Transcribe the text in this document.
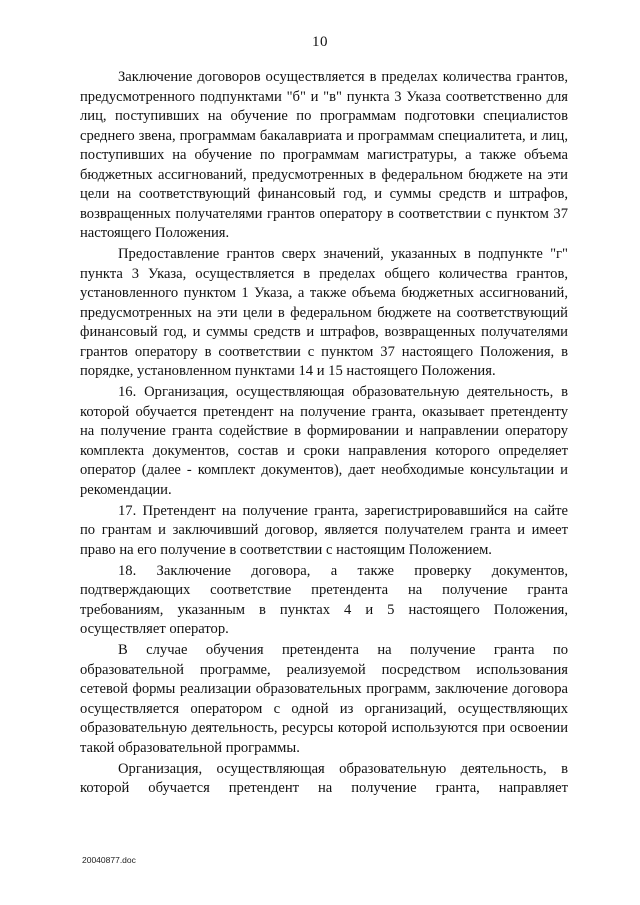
10

Заключение договоров осуществляется в пределах количества грантов, предусмотренного подпунктами "б" и "в" пункта 3 Указа соответственно для лиц, поступивших на обучение по программам подготовки специалистов среднего звена, программам бакалавриата и программам специалитета, и лиц, поступивших на обучение по программам магистратуры, а также объема бюджетных ассигнований, предусмотренных в федеральном бюджете на эти цели на соответствующий финансовый год, и суммы средств и штрафов, возвращенных получателями грантов оператору в соответствии с пунктом 37 настоящего Положения.

Предоставление грантов сверх значений, указанных в подпункте "г" пункта 3 Указа, осуществляется в пределах общего количества грантов, установленного пунктом 1 Указа, а также объема бюджетных ассигнований, предусмотренных на эти цели в федеральном бюджете на соответствующий финансовый год, и суммы средств и штрафов, возвращенных получателями грантов оператору в соответствии с пунктом 37 настоящего Положения, в порядке, установленном пунктами 14 и 15 настоящего Положения.

16. Организация, осуществляющая образовательную деятельность, в которой обучается претендент на получение гранта, оказывает претенденту на получение гранта содействие в формировании и направлении оператору комплекта документов, состав и сроки направления которого определяет оператор (далее - комплект документов), дает необходимые консультации и рекомендации.

17. Претендент на получение гранта, зарегистрировавшийся на сайте по грантам и заключивший договор, является получателем гранта и имеет право на его получение в соответствии с настоящим Положением.

18. Заключение договора, а также проверку документов, подтверждающих соответствие претендента на получение гранта требованиям, указанным в пунктах 4 и 5 настоящего Положения, осуществляет оператор.

В случае обучения претендента на получение гранта по образовательной программе, реализуемой посредством использования сетевой формы реализации образовательных программ, заключение договора осуществляется оператором с одной из организаций, осуществляющих образовательную деятельность, ресурсы которой используются при освоении такой образовательной программы.

Организация, осуществляющая образовательную деятельность, в которой обучается претендент на получение гранта, направляет

20040877.doc
